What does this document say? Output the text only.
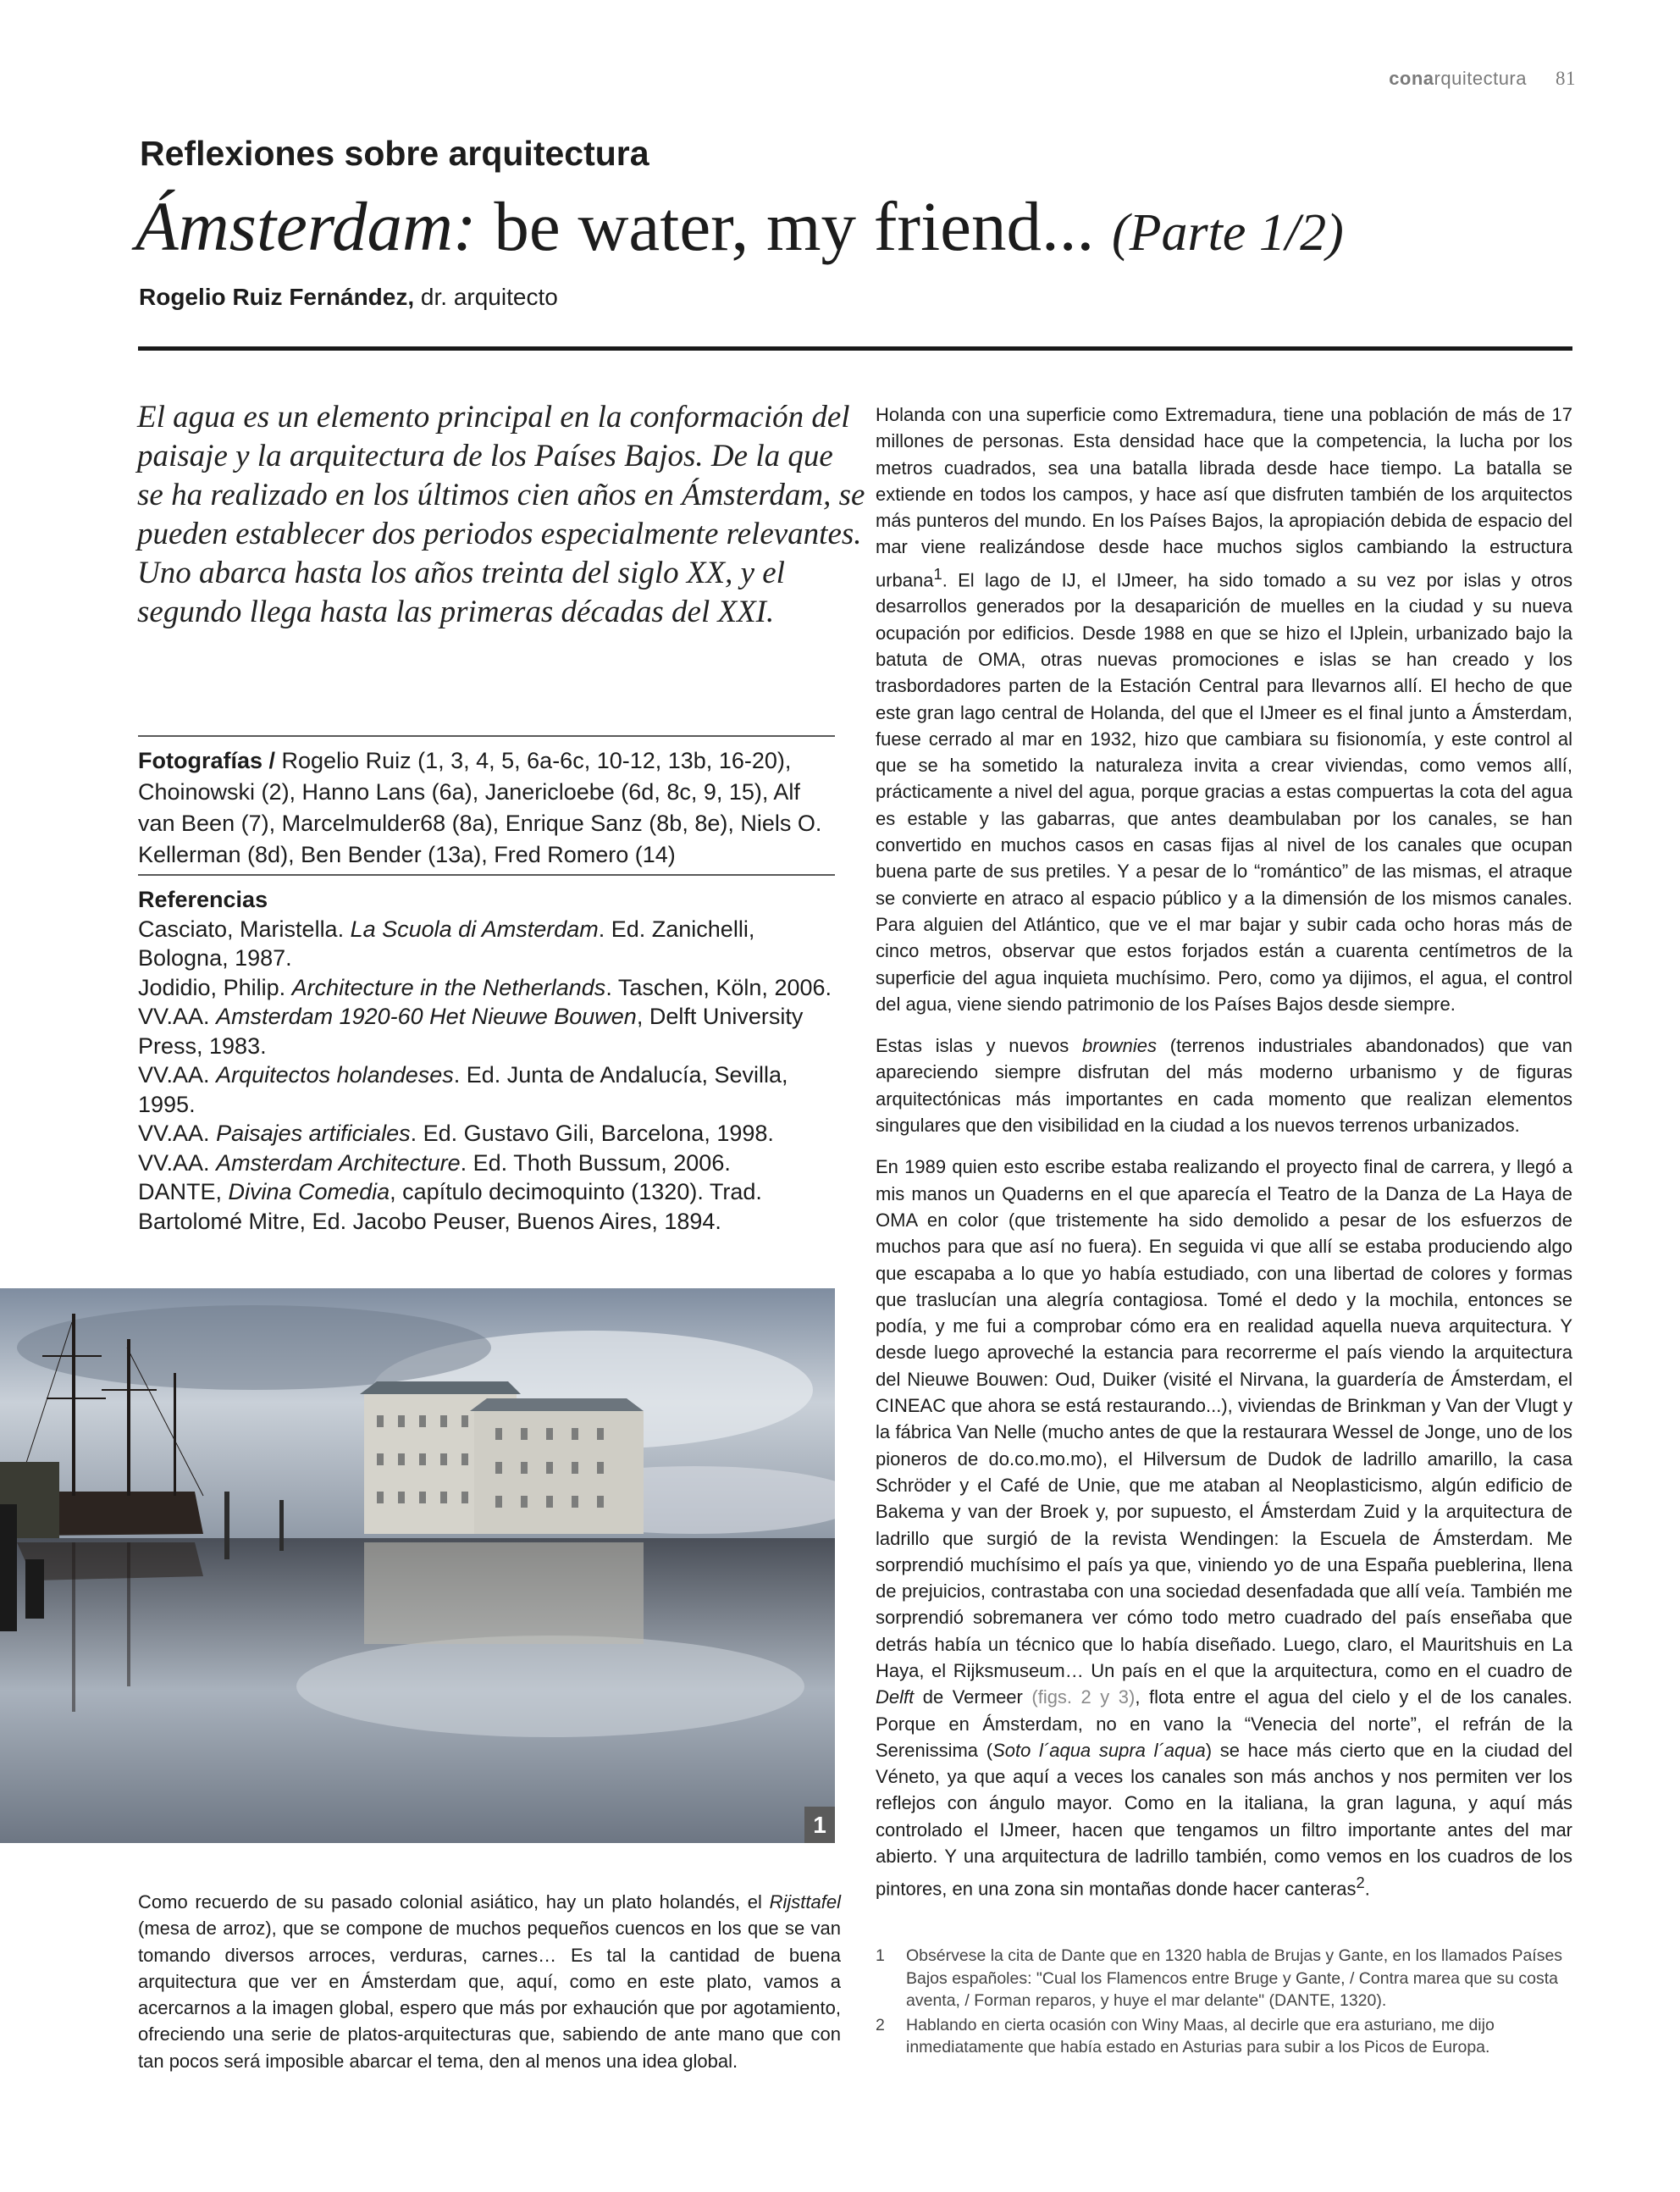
conarquitectura 81
Reflexiones sobre arquitectura
Ámsterdam: be water, my friend... (Parte 1/2)
Rogelio Ruiz Fernández, dr. arquitecto
El agua es un elemento principal en la conformación del paisaje y la arquitectura de los Países Bajos. De la que se ha realizado en los últimos cien años en Ámsterdam, se pueden establecer dos periodos especialmente relevantes. Uno abarca hasta los años treinta del siglo XX, y el segundo llega hasta las primeras décadas del XXI.
Fotografías / Rogelio Ruiz (1, 3, 4, 5, 6a-6c, 10-12, 13b, 16-20), Choinowski (2), Hanno Lans (6a), Janericloebe (6d, 8c, 9, 15), Alf van Been (7), Marcelmulder68 (8a), Enrique Sanz (8b, 8e), Niels O. Kellerman (8d), Ben Bender (13a), Fred Romero (14)
Referencias
Casciato, Maristella. La Scuola di Amsterdam. Ed. Zanichelli, Bologna, 1987.
Jodidio, Philip. Architecture in the Netherlands. Taschen, Köln, 2006.
VV.AA. Amsterdam 1920-60 Het Nieuwe Bouwen, Delft University Press, 1983.
VV.AA. Arquitectos holandeses. Ed. Junta de Andalucía, Sevilla, 1995.
VV.AA. Paisajes artificiales. Ed. Gustavo Gili, Barcelona, 1998.
VV.AA. Amsterdam Architecture. Ed. Thoth Bussum, 2006.
DANTE, Divina Comedia, capítulo decimoquinto (1320). Trad. Bartolomé Mitre, Ed. Jacobo Peuser, Buenos Aires, 1894.
1
Como recuerdo de su pasado colonial asiático, hay un plato holandés, el Rijsttafel (mesa de arroz), que se compone de muchos pequeños cuencos en los que se van tomando diversos arroces, verduras, carnes… Es tal la cantidad de buena arquitectura que ver en Ámsterdam que, aquí, como en este plato, vamos a acercarnos a la imagen global, espero que más por exhaución que por agotamiento, ofreciendo una serie de platos-arquitecturas que, sabiendo de ante mano que con tan pocos será imposible abarcar el tema, den al menos una idea global.

Holanda con una superficie como Extremadura, tiene una población de más de 17 millones de personas. Esta densidad hace que la competencia, la lucha por los metros cuadrados, sea una batalla librada desde hace tiempo. La batalla se extiende en todos los campos, y hace así que disfruten también de los arquitectos más punteros del mundo. En los Países Bajos, la apropiación debida de espacio del mar viene realizándose desde hace muchos siglos cambiando la estructura urbana$^1$. El lago de IJ, el IJmeer, ha sido tomado a su vez por islas y otros desarrollos generados por la desaparición de muelles en la ciudad y su nueva ocupación por edificios. Desde 1988 en que se hizo el IJplein, urbanizado bajo la batuta de OMA, otras nuevas promociones e islas se han creado y los trasbordadores parten de la Estación Central para llevarnos allí. El hecho de que este gran lago central de Holanda, del que el IJmeer es el final junto a Ámsterdam, fuese cerrado al mar en 1932, hizo que cambiara su fisionomía, y este control al que se ha sometido la naturaleza invita a crear viviendas, como vemos allí, prácticamente a nivel del agua, porque gracias a estas compuertas la cota del agua es estable y las gabarras, que antes deambulaban por los canales, se han convertido en muchos casos en casas fijas al nivel de los canales que ocupan buena parte de sus pretiles. Y a pesar de lo “romántico” de las mismas, el atraque se convierte en atraco al espacio público y a la dimensión de los mismos canales. Para alguien del Atlántico, que ve el mar bajar y subir cada ocho horas más de cinco metros, observar que estos forjados están a cuarenta centímetros de la superficie del agua inquieta muchísimo. Pero, como ya dijimos, el agua, el control del agua, viene siendo patrimonio de los Países Bajos desde siempre.

Estas islas y nuevos brownies (terrenos industriales abandonados) que van apareciendo siempre disfrutan del más moderno urbanismo y de figuras arquitectónicas más importantes en cada momento que realizan elementos singulares que den visibilidad en la ciudad a los nuevos terrenos urbanizados.

En 1989 quien esto escribe estaba realizando el proyecto final de carrera, y llegó a mis manos un Quaderns en el que aparecía el Teatro de la Danza de La Haya de OMA en color (que tristemente ha sido demolido a pesar de los esfuerzos de muchos para que así no fuera). En seguida vi que allí se estaba produciendo algo que escapaba a lo que yo había estudiado, con una libertad de colores y formas que traslucían una alegría contagiosa. Tomé el dedo y la mochila, entonces se podía, y me fui a comprobar cómo era en realidad aquella nueva arquitectura. Y desde luego aproveché la estancia para recorrerme el país viendo la arquitectura del Nieuwe Bouwen: Oud, Duiker (visité el Nirvana, la guardería de Ámsterdam, el CINEAC que ahora se está restaurando...), viviendas de Brinkman y Van der Vlugt y la fábrica Van Nelle (mucho antes de que la restaurara Wessel de Jonge, uno de los pioneros de do.co.mo.mo), el Hilversum de Dudok de ladrillo amarillo, la casa Schröder y el Café de Unie, que me ataban al Neoplasticismo, algún edificio de Bakema y van der Broek y, por supuesto, el Ámsterdam Zuid y la arquitectura de ladrillo que surgió de la revista Wendingen: la Escuela de Ámsterdam. Me sorprendió muchísimo el país ya que, viniendo yo de una España pueblerina, llena de prejuicios, contrastaba con una sociedad desenfadada que allí veía. También me sorprendió sobremanera ver cómo todo metro cuadrado del país enseñaba que detrás había un técnico que lo había diseñado. Luego, claro, el Mauritshuis en La Haya, el Rijksmuseum… Un país en el que la arquitectura, como en el cuadro de Delft de Vermeer (figs. 2 y 3), flota entre el agua del cielo y el de los canales. Porque en Ámsterdam, no en vano la “Venecia del norte”, el refrán de la Serenissima (Soto l´aqua supra l´aqua) se hace más cierto que en la ciudad del Véneto, ya que aquí a veces los canales son más anchos y nos permiten ver los reflejos con ángulo mayor. Como en la italiana, la gran laguna, y aquí más controlado el IJmeer, hacen que tengamos un filtro importante antes del mar abierto. Y una arquitectura de ladrillo también, como vemos en los cuadros de los pintores, en una zona sin montañas donde hacer canteras$^2$.

1 Obsérvese la cita de Dante que en 1320 habla de Brujas y Gante, en los llamados Países Bajos españoles: "Cual los Flamencos entre Bruge y Gante, / Contra marea que su costa aventa, / Forman reparos, y huye el mar delante" (DANTE, 1320).
2 Hablando en cierta ocasión con Winy Maas, al decirle que era asturiano, me dijo inmediatamente que había estado en Asturias para subir a los Picos de Europa.
